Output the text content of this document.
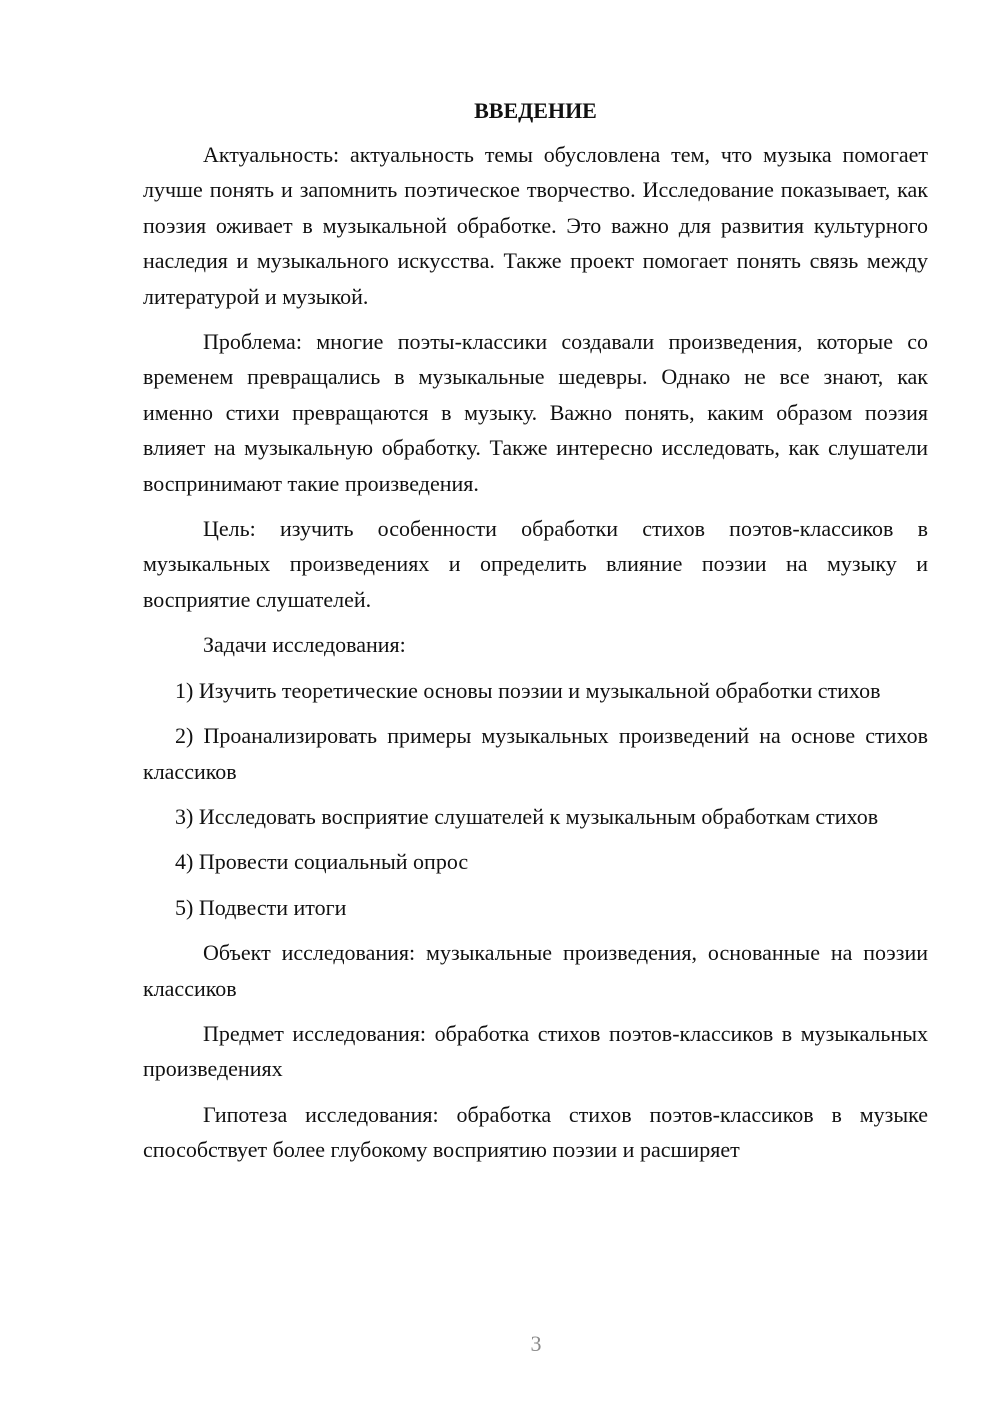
ВВЕДЕНИЕ

Актуальность: актуальность темы обусловлена тем, что музыка помогает лучше понять и запомнить поэтическое творчество. Исследование показывает, как поэзия оживает в музыкальной обработке. Это важно для развития культурного наследия и музыкального искусства. Также проект помогает понять связь между литературой и музыкой.

Проблема: многие поэты-классики создавали произведения, которые со временем превращались в музыкальные шедевры. Однако не все знают, как именно стихи превращаются в музыку. Важно понять, каким образом поэзия влияет на музыкальную обработку. Также интересно исследовать, как слушатели воспринимают такие произведения.

Цель: изучить особенности обработки стихов поэтов-классиков в музыкальных произведениях и определить влияние поэзии на музыку и восприятие слушателей.

Задачи исследования:

1) Изучить теоретические основы поэзии и музыкальной обработки стихов

2) Проанализировать примеры музыкальных произведений на основе стихов классиков

3) Исследовать восприятие слушателей к музыкальным обработкам стихов

4) Провести социальный опрос

5) Подвести итоги

Объект исследования: музыкальные произведения, основанные на поэзии классиков

Предмет исследования: обработка стихов поэтов-классиков в музыкальных произведениях

Гипотеза исследования: обработка стихов поэтов-классиков в музыке способствует более глубокому восприятию поэзии и расширяет

3
